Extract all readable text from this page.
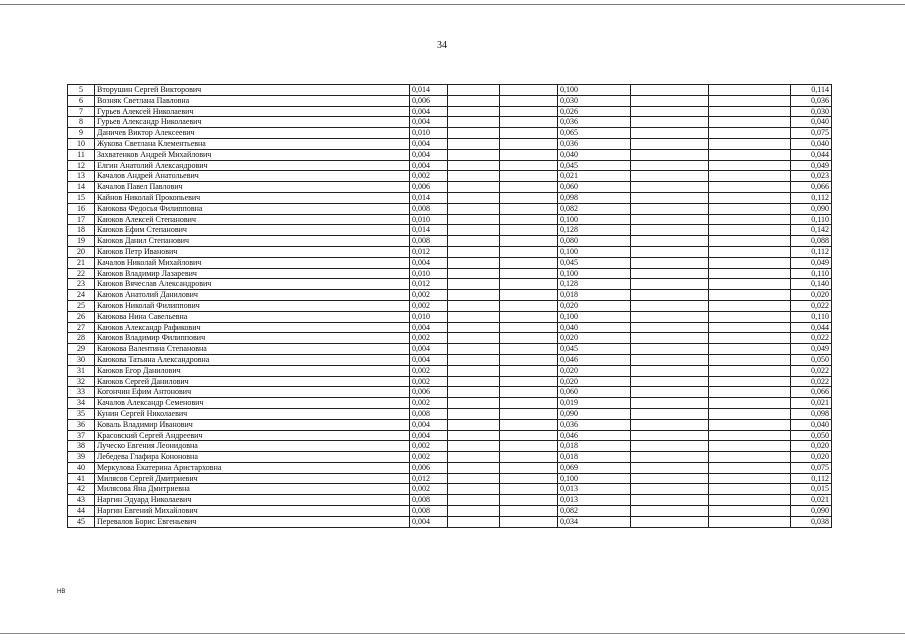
34
5	Вторушин Сергей Викторович	0,014			0,100			0,114
6	Возняк Светлана Павловна	0,006			0,030			0,036
7	Гурьев Алексей Николаевич	0,004			0,026			0,030
8	Гурьев Александр Николаевич	0,004			0,036			0,040
9	Даничев Виктор Алексеевич	0,010			0,065			0,075
10	Жукова Светлана Клементьевна	0,004			0,036			0,040
11	Захватенков Андрей Михайлович	0,004			0,040			0,044
12	Елгин Анатолий Александрович	0,004			0,045			0,049
13	Качалов Андрей Анатольевич	0,002			0,021			0,023
14	Качалов Павел Павлович	0,006			0,060			0,066
15	Кайнов Николай Прокопьевич	0,014			0,098			0,112
16	Каюкова Федосья Филипповна	0,008			0,082			0,090
17	Каюков Алексей Степанович	0,010			0,100			0,110
18	Каюков Ефим Степанович	0,014			0,128			0,142
19	Каюков Данил Степанович	0,008			0,080			0,088
20	Каюков Петр Иванович	0,012			0,100			0,112
21	Качалов Николай Михайлович	0,004			0,045			0,049
22	Каюков Владимир Лазаревич	0,010			0,100			0,110
23	Каюков Вячеслав Александрович	0,012			0,128			0,140
24	Каюков Анатолий Данилович	0,002			0,018			0,020
25	Каюков Николай Филиппович	0,002			0,020			0,022
26	Каюкова Нина Савельевна	0,010			0,100			0,110
27	Каюков Александр Рафикович	0,004			0,040			0,044
28	Каюков Владимир Филиппович	0,002			0,020			0,022
29	Каюкова Валентина Степановна	0,004			0,045			0,049
30	Каюкова Татьяна Александровна	0,004			0,046			0,050
31	Каюков Егор Данилович	0,002			0,020			0,022
32	Каюков Сергей Данилович	0,002			0,020			0,022
33	Когончин Ефим Антонович	0,006			0,060			0,066
34	Качалов Александр Семенович	0,002			0,019			0,021
35	Кунин Сергей Николаевич	0,008			0,090			0,098
36	Коваль Владимир Иванович	0,004			0,036			0,040
37	Красовский Сергей Андреевич	0,004			0,046			0,050
38	Луческо Евгения Леонидовна	0,002			0,018			0,020
39	Лебедева Глафира Кононовна	0,002			0,018			0,020
40	Меркулова Екатерина Аристарховна	0,006			0,069			0,075
41	Милясов Сергей Дмитриевич	0,012			0,100			0,112
42	Милясова Яна Дмитриевна	0,002			0,013			0,015
43	Наргин Эдуард Николаевич	0,008			0,013			0,021
44	Наргин Евгений Михайлович	0,008			0,082			0,090
45	Перевалов Борис Евгеньевич	0,004			0,034			0,038
HB
